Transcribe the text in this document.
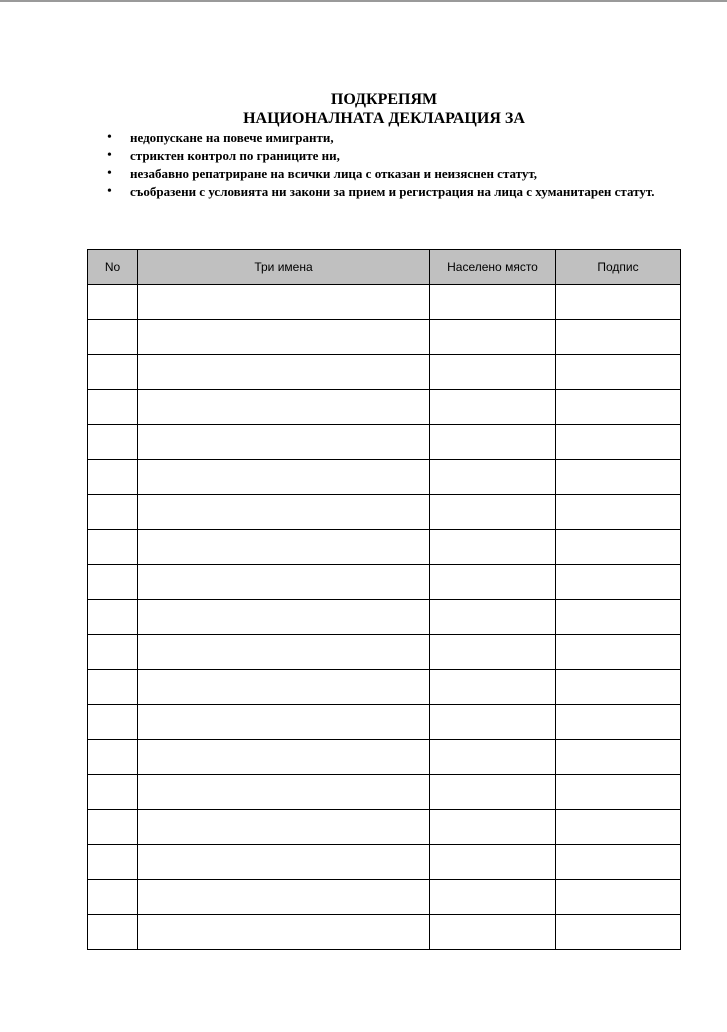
ПОДКРЕПЯМ

НАЦИОНАЛНАТА ДЕКЛАРАЦИЯ ЗА

• недопускане на повече имигранти,
• стриктен контрол по границите ни,
• незабавно репатриране на всички лица с отказан и неизяснен статут,
• съобразени с условията ни закони за прием и регистрация на лица с хуманитарен статут.
No	Три имена	Населено място	Подпис
